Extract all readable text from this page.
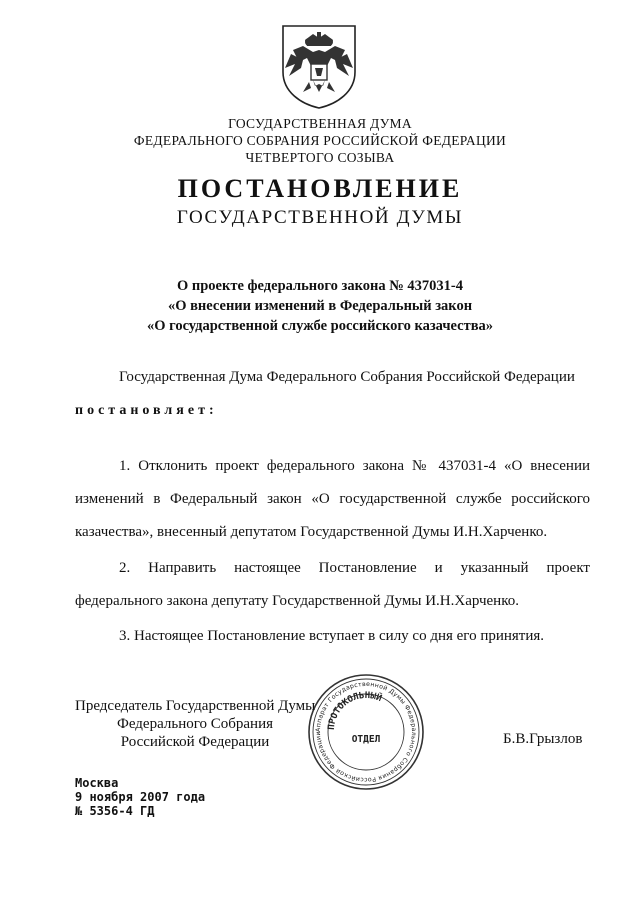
ГОСУДАРСТВЕННАЯ ДУМА
ФЕДЕРАЛЬНОГО СОБРАНИЯ РОССИЙСКОЙ ФЕДЕРАЦИИ
ЧЕТВЕРТОГО СОЗЫВА
ПОСТАНОВЛЕНИЕ
ГОСУДАРСТВЕННОЙ ДУМЫ
О проекте федерального закона № 437031-4
«О внесении изменений в Федеральный закон
«О государственной службе российского казачества»
Государственная Дума Федерального Собрания Российской Федерации
постановляет:
1. Отклонить проект федерального закона № 437031-4 «О внесении
изменений в Федеральный закон «О государственной службе российского
казачества», внесенный депутатом Государственной Думы И.Н.Харченко.
2. Направить настоящее Постановление и указанный проект
федерального закона депутату Государственной Думы И.Н.Харченко.
3. Настоящее Постановление вступает в силу со дня его принятия.
Аппарат Государственной Думы Федерального Собрания Российской Федерации
ПРОТОКОЛЬНЫЙ
ОТДЕЛ
Председатель Государственной Думы
Федерального Собрания
Российской Федерации	Б.В.Грызлов
Москва
9 ноября 2007 года
№ 5356-4 ГД
